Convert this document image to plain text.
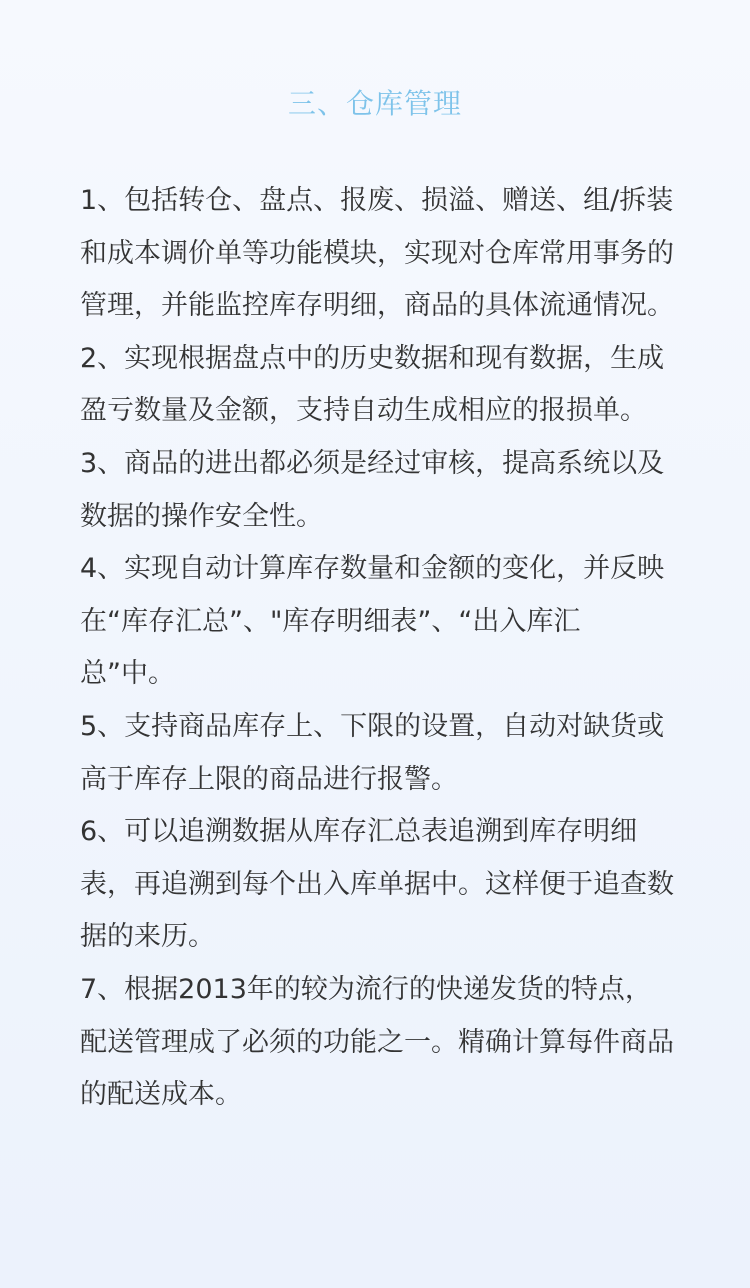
三、仓库管理

1、包括转仓、盘点、报废、损溢、赠送、组/拆装和成本调价单等功能模块，实现对仓库常用事务的管理，并能监控库存明细，商品的具体流通情况。

2、实现根据盘点中的历史数据和现有数据，生成盈亏数量及金额，支持自动生成相应的报损单。

3、商品的进出都必须是经过审核，提高系统以及数据的操作安全性。

4、实现自动计算库存数量和金额的变化，并反映在“库存汇总”、"库存明细表”、“出入库汇总”中。

5、支持商品库存上、下限的设置，自动对缺货或高于库存上限的商品进行报警。

6、可以追溯数据从库存汇总表追溯到库存明细表，再追溯到每个出入库单据中。这样便于追查数据的来历。

7、根据2013年的较为流行的快递发货的特点，配送管理成了必须的功能之一。精确计算每件商品的配送成本。
